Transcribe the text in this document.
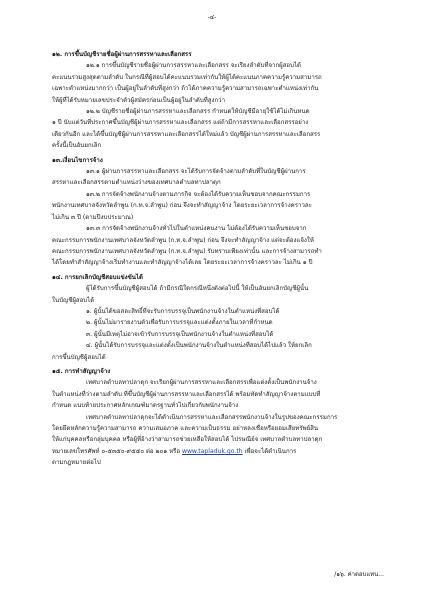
-๔-
๑๒. การขึ้นบัญชีรายชื่อผู้ผ่านการสรรหาและเลือกสรร
๑๒.๑ การขึ้นบัญชีรายชื่อผู้ผ่านการสรรหาและเลือกสรร จะเรียงลำดับที่จากผู้สอบได้
คะแนนรวมสูงสุดตามลำดับ ในกรณีที่ผู้สอบได้คะแนนรวมเท่ากันให้ผู้ได้คะแนนภาคความรู้ความสามารถ
เฉพาะตำแหน่งมากกว่า เป็นผู้อยู่ในลำดับที่สูงกว่า ถ้าได้ภาคความรู้ความสามารถเฉพาะตำแหน่งเท่ากัน
ให้ผู้ที่ได้รับหมายเลขประจำตัวผู้สมัครก่อนเป็นผู้อยู่ในลำดับที่สูงกว่า
๑๒.๒ บัญชีรายชื่อผู้ผ่านการสรรหาและเลือกสรร กำหนดให้บัญชีมีอายุใช้ได้ไม่เกินหนด
๑ ปี นับแต่วันที่ประกาศขึ้นบัญชีผู้ผ่านการสรรหาและเลือกสรร แต่ถ้ามีการสรรหาและเลือกสรรอย่าง
เดียวกันอีก และได้ขึ้นบัญชีผู้ผ่านการสรรหาและเลือกสรรได้ใหม่แล้ว บัญชีผู้ผ่านการสรรหาและเลือกสรร
ครั้งนี้เป็นอันยกเลิก
๑๓.เงื่อนไขการจ้าง
๑๓.๑ ผู้ผ่านการสรรหาและเลือกสรร จะได้รับการจัดจ้างตามลำดับที่ในบัญชีผู้ผ่านการ
สรรหาและเลือกสรรตามตำแหน่งว่างของเทศบาลตำบลทาปลาดุก
๑๓.๒ การจัดจ้างพนักงานจ้างตามภารกิจ จะต้องได้รับความเห็นชอบจากคณะกรรมการ
พนักงานเทศบาลจังหวัดลำพูน (ก.ท.จ.ลำพูน) ก่อน จึงจะทำสัญญาจ้าง โดยระยะเวลาการจ้างคราวละ
ไม่เกิน ๓ ปี (ตามปีงบประมาณ)
๑๓.๓ การจัดจ้างพนักงานจ้างทั่วไปในตำแหน่งคนงาน ไม่ต้องได้รับความเห็นชอบจาก
คณะกรรมการพนักงานเทศบาลจังหวัดลำพูน (ก.ท.จ.ลำพูน) ก่อน จึงจะทำสัญญาจ้าง แต่จะต้องแจ้งให้
คณะกรรมการพนักงานเทศบาลจังหวัดลำพูน (ก.ท.จ.ลำพูน) รับทราบเพียงเท่านั้น และการจ้างสามารถทำ
ได้โดยทำสำสัญญาจ้างเริ่มทำงานและทำสัญญาจ้างได้เลย โดยระยะเวลาการจ้างคราวละ ไม่เกิน ๑ ปี
๑๔. การยกเลิกบัญชีสอบแข่งขันได้
ผู้ได้รับการขึ้นบัญชีผู้สอบได้ ถ้ามีกรณีใดกรณีหนึ่งดังต่อไปนี้ ให้เป็นอันยกเลิกบัญชีผู้นั้น
ในบัญชีผู้สอบได้
๑. ผู้นั้นได้ขอสละสิทธิ์ที่จะรับการบรรจุเป็นพนักงานจ้างในตำแหน่งที่สอบได้
๒. ผู้นั้นไม่มารายงานตัวเพื่อรับการบรรจุและแต่งตั้งภายในเวลาที่กำหนด
๓. ผู้นั้นมีเหตุไม่อาจเข้ารับการบรรจุเป็นพนักงานจ้างในตำแหน่งที่สอบได้
๔. ผู้นั้นได้รับการบรรจุและแต่งตั้งเป็นพนักงานจ้างในตำแหน่งที่สอบได้ไปแล้ว ให้ยกเลิก
การขึ้นบัญชีผู้สอบได้
๑๕. การทำสัญญาจ้าง
เทศบาลตำบลทาปลาดุก จะเรียกผู้ผ่านการสรรหาและเลือกสรรเพื่อแต่งตั้งเป็นพนักงานจ้าง
ในตำแหน่งที่ว่างตามลำดับ ที่ขึ้นบัญชีผู้ผ่านการสรรหาและเลือกสรรได้ พร้อมทัดทำสัญญาจ้างตามแบบที่
กำหนด แนบท้ายประกาศหลักเกณฑ์มาตรฐานทั่วไปเกี่ยวกับพนักงานจ้าง
เทศบาลตำบลทาปลาดุกจะได้ดำเนินการสรรหาและเลือกสรรพนักงานจ้างในรูปของคณะกรรมการ
โดยยึดหลักความรู้ความสามารถ ความเสมอภาค และความเป็นธรรม อย่าหลงเชื่อหรือยอมเสียทรัพย์สิน
ให้แก่บุคคลหรือกลุ่มบุคคล หรือผู้ที่อ้างว่าสามารถช่วยเหลือให้สอบได้ ไปรษณีย์จ เทศบาลตำบลทาปลาดุก
หมายเลขโทรศัพท์ ๐-๕๓๕๐-๙๕๕๐ ต่อ ๒๐๑ หรือ www.tapladuk.go.th เพื่อจะได้ดำเนินการ
ตามกฎหมายต่อไป
/๑๖. ค่าตอบแทน...
